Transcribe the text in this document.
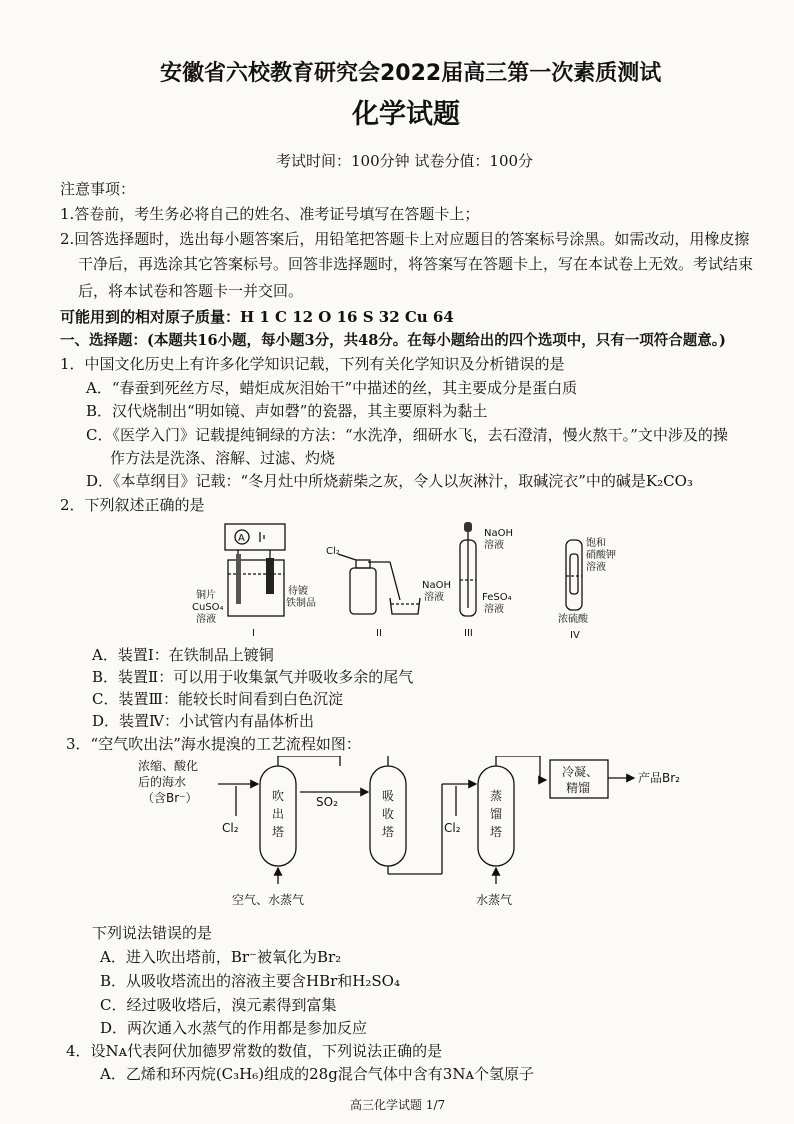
安徽省六校教育研究会2022届高三第一次素质测试
化学试题
考试时间：100分钟 试卷分值：100分
注意事项：
1.答卷前，考生务必将自己的姓名、准考证号填写在答题卡上；
2.回答选择题时，选出每小题答案后，用铅笔把答题卡上对应题目的答案标号涂黑。如需改动，用橡皮擦
干净后，再选涂其它答案标号。回答非选择题时，将答案写在答题卡上，写在本试卷上无效。考试结束
后，将本试卷和答题卡一并交回。
可能用到的相对原子质量：H 1 C 12 O 16 S 32 Cu 64
一、选择题：(本题共16小题，每小题3分，共48分。在每小题给出的四个选项中，只有一项符合题意。)
1．中国文化历史上有许多化学知识记载，下列有关化学知识及分析错误的是
A．“春蚕到死丝方尽，蜡炬成灰泪始干”中描述的丝，其主要成分是蛋白质
B．汉代烧制出“明如镜、声如磬”的瓷器，其主要原料为黏土
C．《医学入门》记载提纯铜绿的方法：“水洗净，细研水飞，去石澄清，慢火熬干。”文中涉及的操
作方法是洗涤、溶解、过滤、灼烧
D．《本草纲目》记载：“冬月灶中所烧薪柴之灰，令人以灰淋汁，取碱浣衣”中的碱是K₂CO₃
2．下列叙述正确的是
A
铜片
CuSO₄
溶液
待镀
铁制品
I
Cl₂
NaOH
溶液
II
NaOH
溶液
FeSO₄
溶液
III
饱和
硝酸钾
溶液
浓硫酸
IV
A．装置Ⅰ：在铁制品上镀铜
B．装置Ⅱ：可以用于收集氯气并吸收多余的尾气
C．装置Ⅲ：能较长时间看到白色沉淀
D．装置Ⅳ：小试管内有晶体析出
3．“空气吹出法”海水提溴的工艺流程如图：
浓缩、酸化
后的海水
（含Br⁻）
Cl₂
吹
出
塔
空气、水蒸气
SO₂	吸
收
塔	Cl₂
蒸
馏
塔
水蒸气
冷凝、
精馏
产品Br₂
下列说法错误的是
A．进入吹出塔前，Br⁻被氧化为Br₂
B．从吸收塔流出的溶液主要含HBr和H₂SO₄
C．经过吸收塔后，溴元素得到富集
D．两次通入水蒸气的作用都是参加反应
4．设Nᴀ代表阿伏加德罗常数的数值，下列说法正确的是
A．乙烯和环丙烷(C₃H₆)组成的28g混合气体中含有3Nᴀ个氢原子
高三化学试题 1/7
